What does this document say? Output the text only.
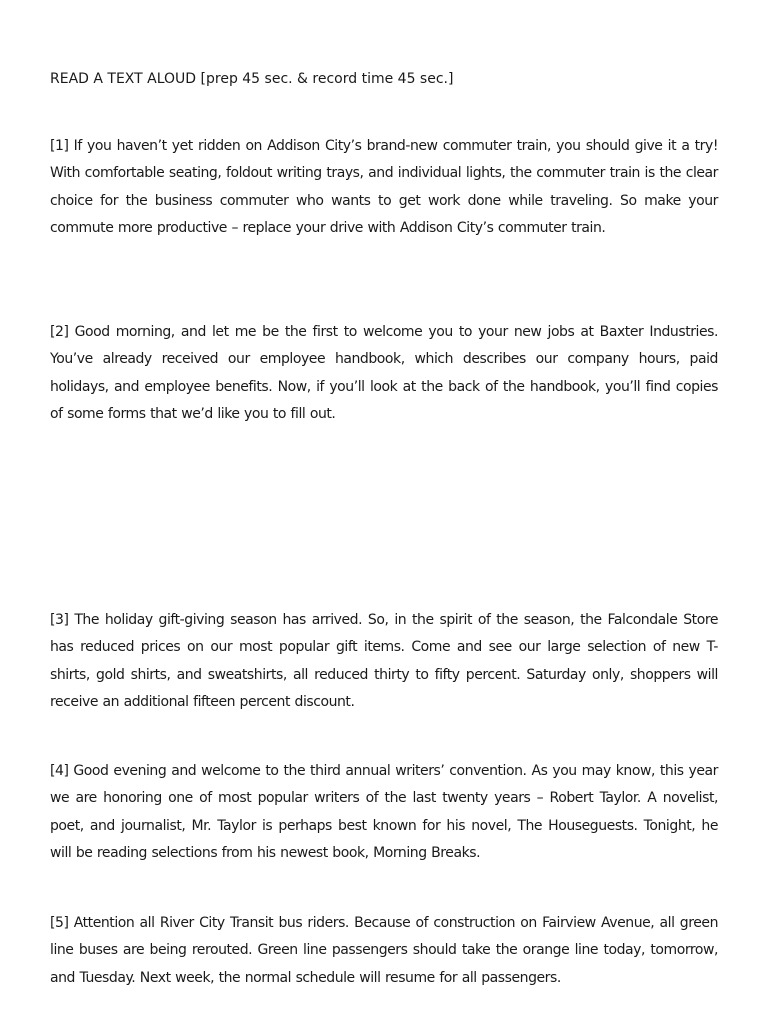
READ A TEXT ALOUD [prep 45 sec. & record time 45 sec.]

[1] If you haven’t yet ridden on Addison City’s brand-new commuter train, you should give it a try! With comfortable seating, foldout writing trays, and individual lights, the commuter train is the clear choice for the business commuter who wants to get work done while traveling. So make your commute more productive – replace your drive with Addison City’s commuter train.

[2] Good morning, and let me be the first to welcome you to your new jobs at Baxter Industries. You’ve already received our employee handbook, which describes our company hours, paid holidays, and employee benefits. Now, if you’ll look at the back of the handbook, you’ll find copies of some forms that we’d like you to fill out.

[3] The holiday gift-giving season has arrived. So, in the spirit of the season, the Falcondale Store has reduced prices on our most popular gift items. Come and see our large selection of new T-shirts, gold shirts, and sweatshirts, all reduced thirty to fifty percent. Saturday only, shoppers will receive an additional fifteen percent discount.

[4] Good evening and welcome to the third annual writers’ convention. As you may know, this year we are honoring one of most popular writers of the last twenty years – Robert Taylor. A novelist, poet, and journalist, Mr. Taylor is perhaps best known for his novel, The Houseguests. Tonight, he will be reading selections from his newest book, Morning Breaks.

[5] Attention all River City Transit bus riders. Because of construction on Fairview Avenue, all green line buses are being rerouted. Green line passengers should take the orange line today, tomorrow, and Tuesday. Next week, the normal schedule will resume for all passengers.
